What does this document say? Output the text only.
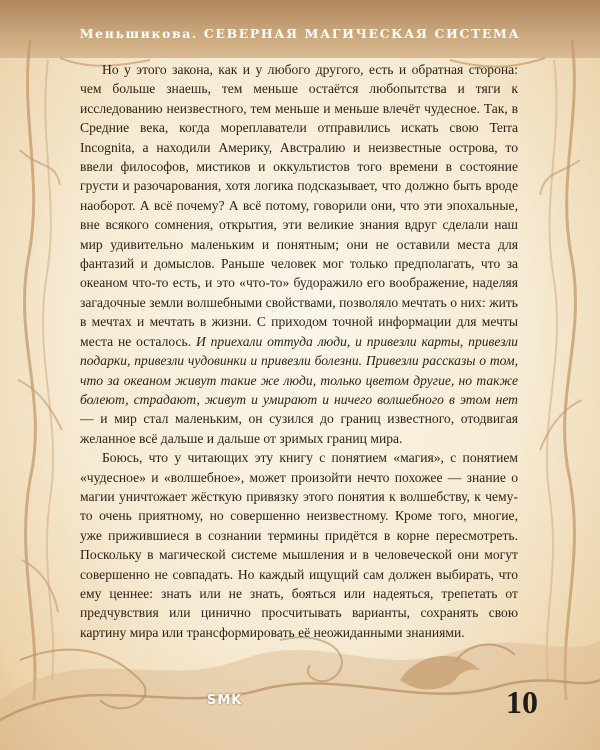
Меньшикова. СЕВЕРНАЯ МАГИЧЕСКАЯ СИСТЕМА

Но у этого закона, как и у любого другого, есть и обратная сторона: чем больше знаешь, тем меньше остаётся любопытства и тяги к исследованию неизвестного, тем меньше и меньше влечёт чудесное. Так, в Средние века, когда мореплаватели отправились искать свою Terra Incognita, а находили Америку, Австралию и неизвестные острова, то ввели философов, мистиков и оккультистов того времени в состояние грусти и разочарования, хотя логика подсказывает, что должно быть вроде наоборот. А всё почему? А всё потому, говорили они, что эти эпохальные, вне всякого сомнения, открытия, эти великие знания вдруг сделали наш мир удивительно маленьким и понятным; они не оставили места для фантазий и домыслов. Раньше человек мог только предполагать, что за океаном что-то есть, и это «что-то» будоражило его воображение, наделяя загадочные земли волшебными свойствами, позволяло мечтать о них: жить в мечтах и мечтать в жизни. С приходом точной информации для мечты места не осталось. И приехали оттуда люди, и привезли карты, привезли подарки, привезли чудовинки и привезли болезни. Привезли рассказы о том, что за океаном живут такие же люди, только цветом другие, но также болеют, страдают, живут и умирают и ничего волшебного в этом нет — и мир стал маленьким, он сузился до границ известного, отодвигая желанное всё дальше и дальше от зримых границ мира.

Боюсь, что у читающих эту книгу с понятием «магия», с понятием «чудесное» и «волшебное», может произойти нечто похожее — знание о магии уничтожает жёсткую привязку этого понятия к волшебству, к чему-то очень приятному, но совершенно неизвестному. Кроме того, многие, уже прижившиеся в сознании термины придётся в корне пересмотреть. Поскольку в магической системе мышления и в человеческой они могут совершенно не совпадать. Но каждый ищущий сам должен выбирать, что ему ценнее: знать или не знать, бояться или надеяться, трепетать от предчувствия или цинично просчитывать варианты, сохранять свою картину мира или трансформировать её неожиданными знаниями.

SMK	10
